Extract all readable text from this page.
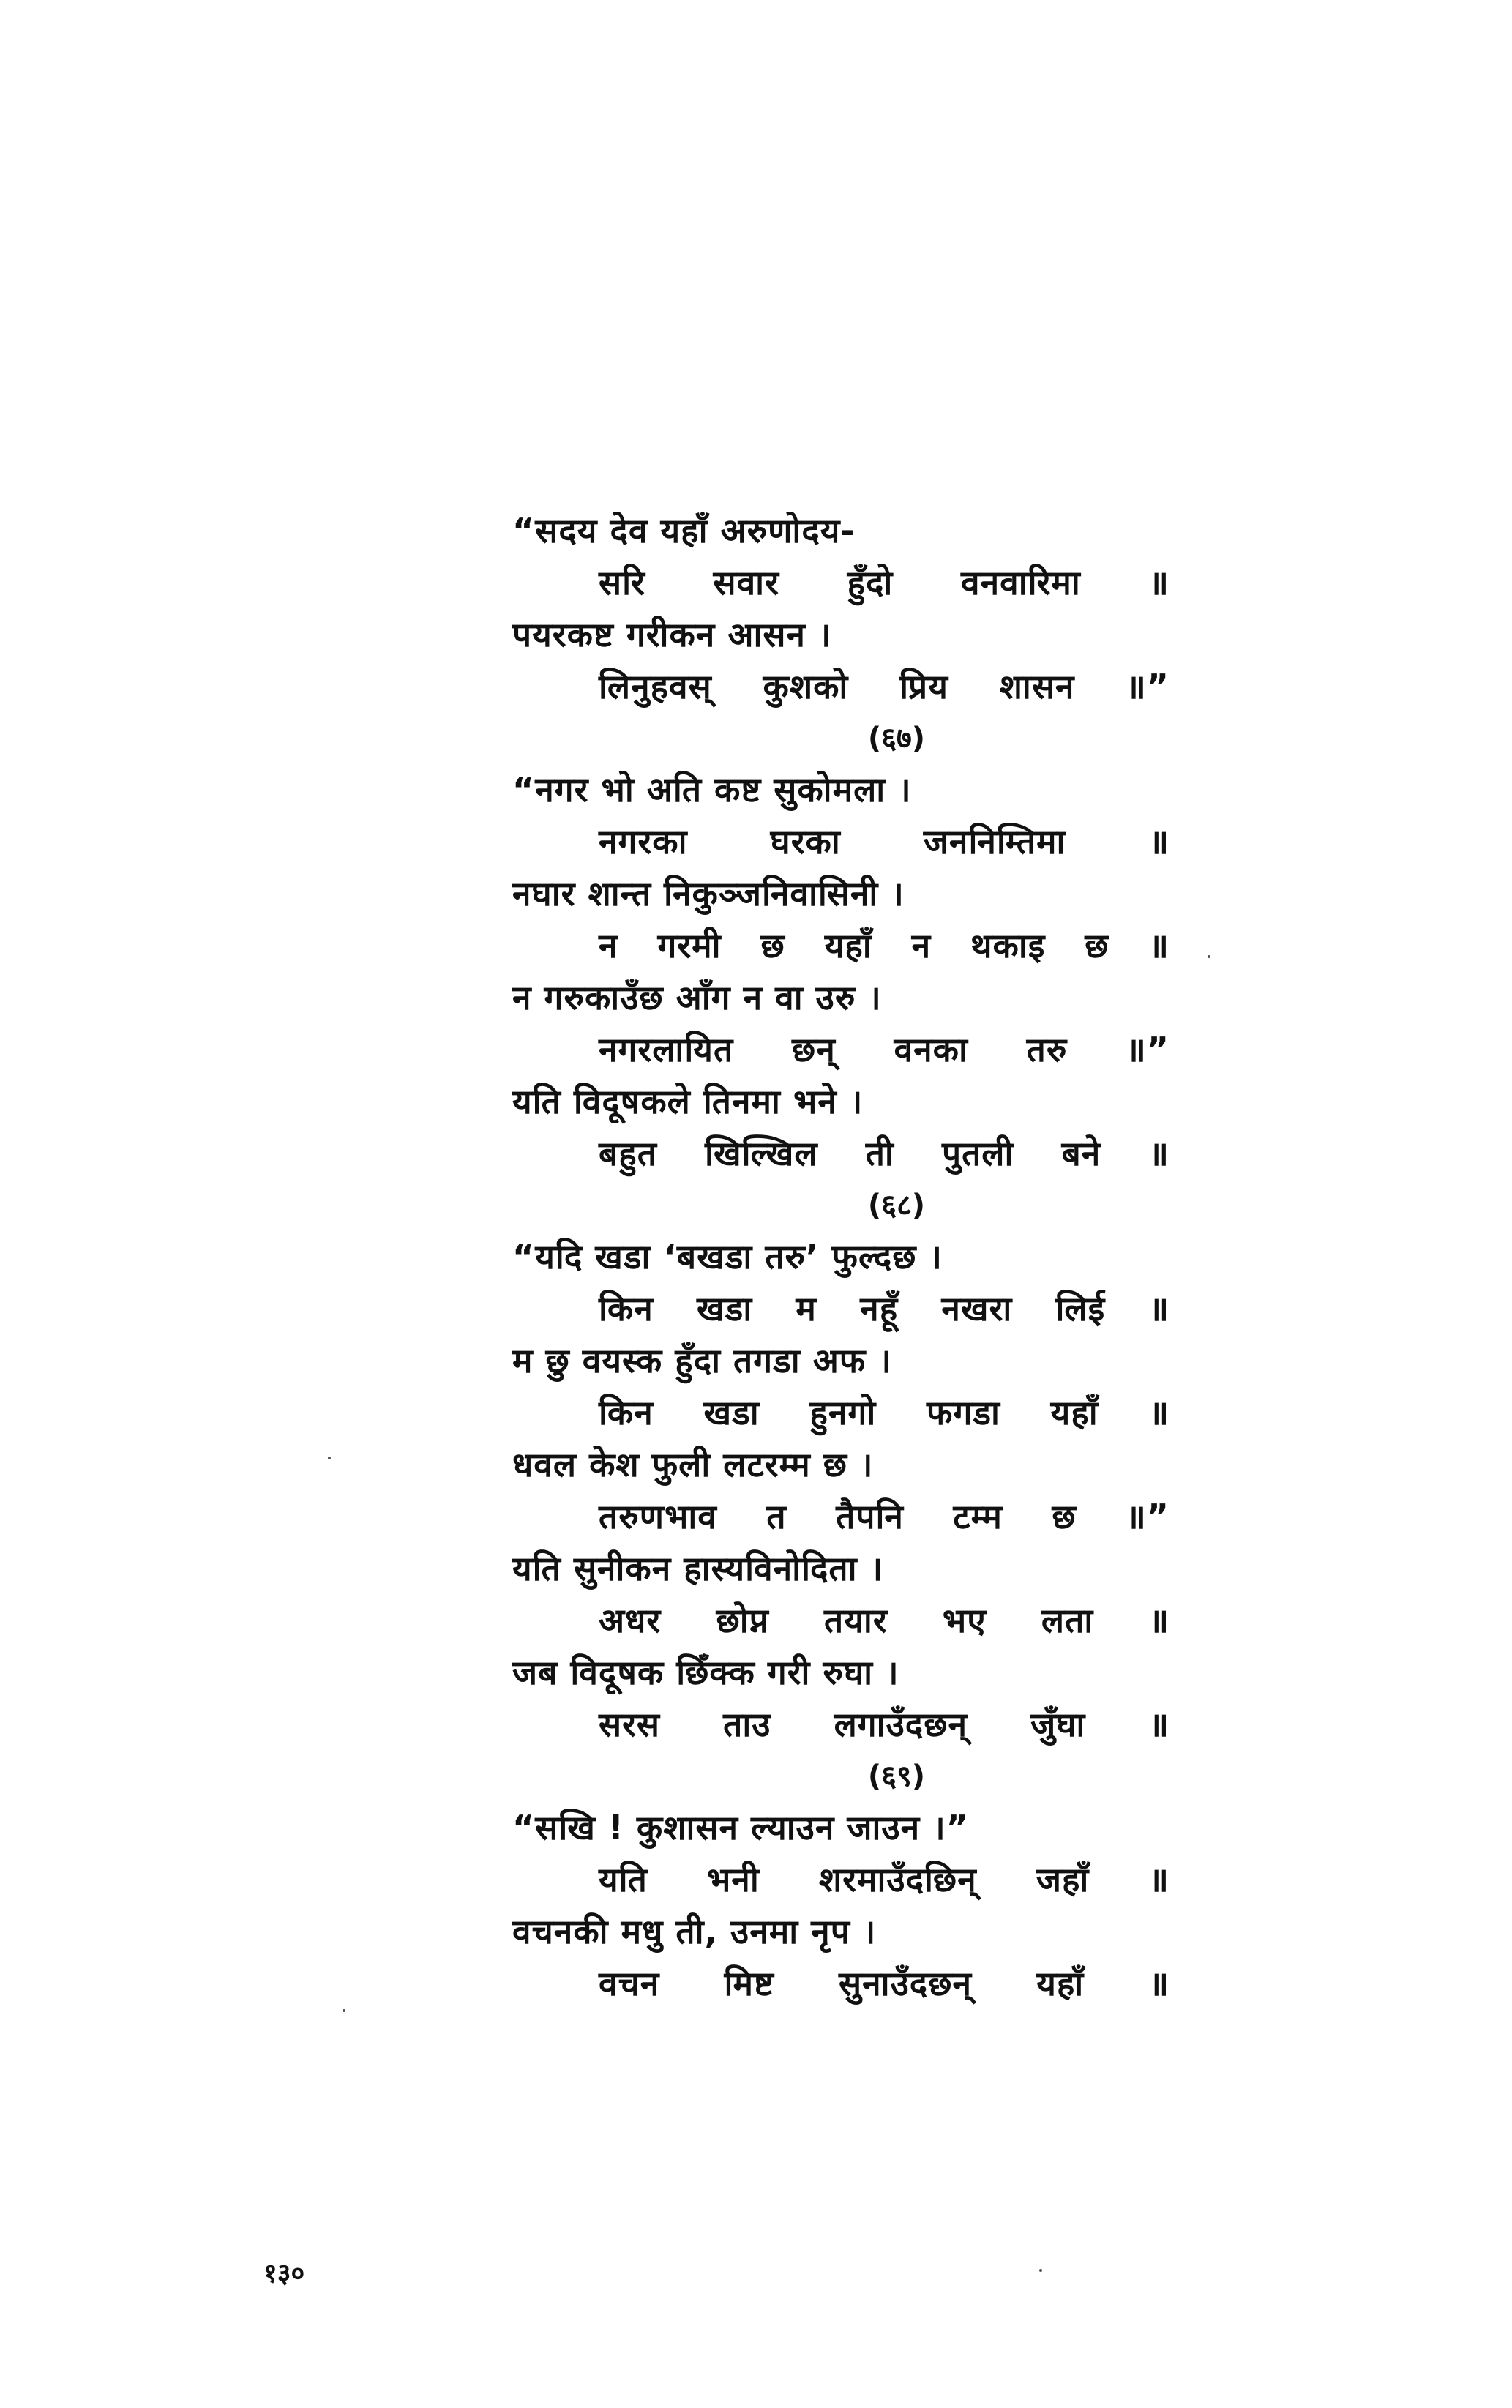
“सदय देव यहाँ अरुणोदय-
सरि सवार हुँदो वनवारिमा ॥
पयरकष्ट गरीकन आसन ।
लिनुहवस् कुशको प्रिय शासन ॥”
(६७)
“नगर भो अति कष्ट सुकोमला ।
नगरका घरका जननिम्तिमा ॥
नघार शान्त निकुञ्जनिवासिनी ।
न गरमी छ यहाँ न थकाइ छ ॥
न गरुकाउँछ आँग न वा उरु ।
नगरलायित छन् वनका तरु ॥”
यति विदूषकले तिनमा भने ।
बहुत खिल्खिल ती पुतली बने ॥
(६८)
“यदि खडा ‘बखडा तरु’ फुल्दछ ।
किन खडा म नहूँ नखरा लिई ॥
म छु वयस्क हुँदा तगडा अफ ।
किन खडा हुनगो फगडा यहाँ ॥
धवल केश फुली लटरम्म छ ।
तरुणभाव त तैपनि टम्म छ ॥”
यति सुनीकन हास्यविनोदिता ।
अधर छोप्न तयार भए लता ॥
जब विदूषक छिँक्क गरी रुघा ।
सरस ताउ लगाउँदछन् जुँघा ॥
(६९)
“सखि ! कुशासन ल्याउन जाउन ।”
यति भनी शरमाउँदछिन् जहाँ ॥
वचनकी मधु ती, उनमा नृप ।
वचन मिष्ट सुनाउँदछन् यहाँ ॥
१३०
